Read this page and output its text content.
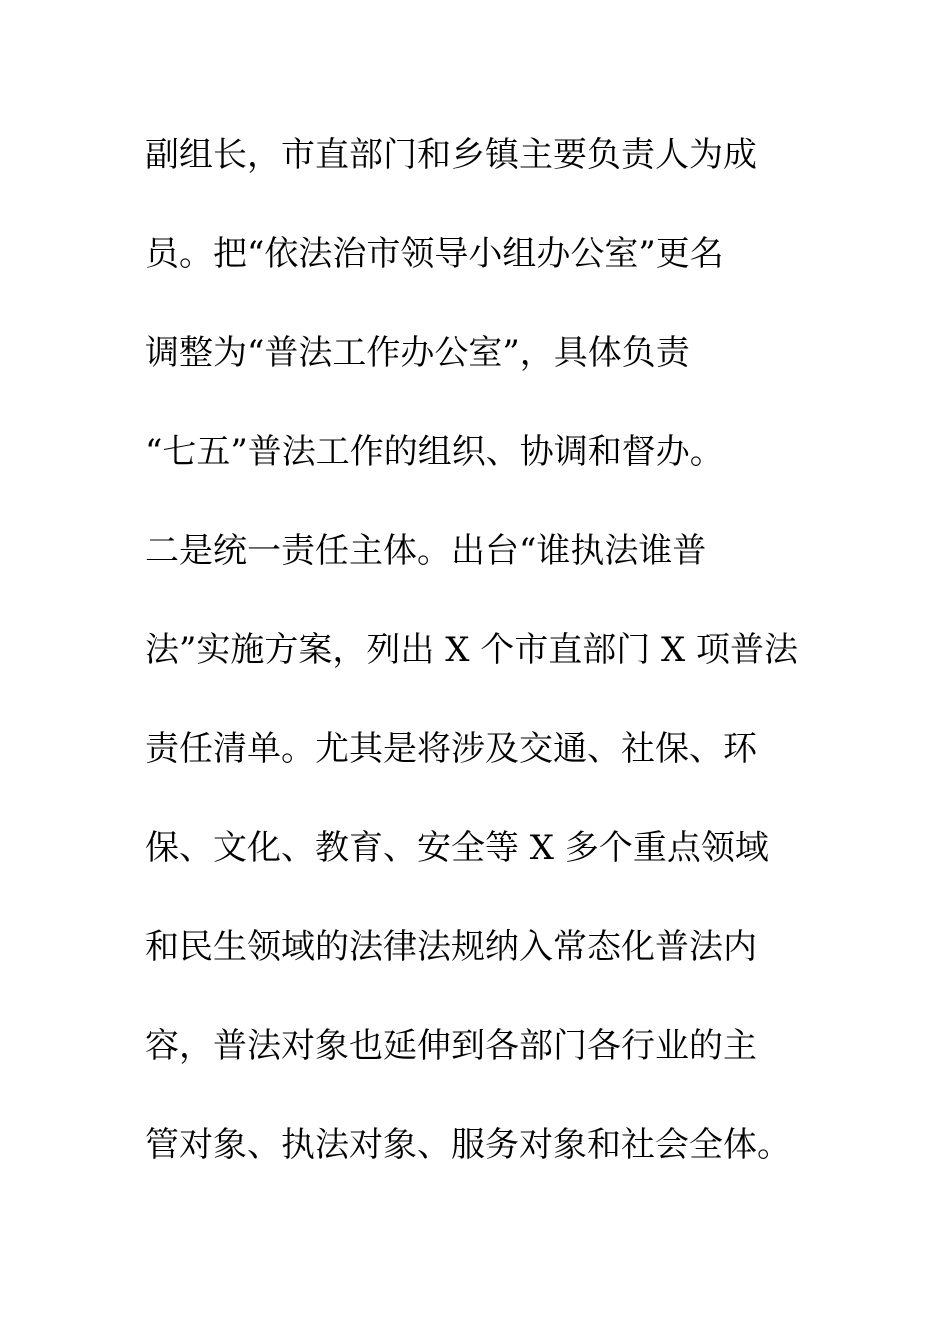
副组长，市直部门和乡镇主要负责人为成
员。把“依法治市领导小组办公室”更名
调整为“普法工作办公室”，具体负责
“七五”普法工作的组织、协调和督办。
二是统一责任主体。出台“谁执法谁普
法”实施方案，列出 X 个市直部门 X 项普法
责任清单。尤其是将涉及交通、社保、环
保、文化、教育、安全等 X 多个重点领域
和民生领域的法律法规纳入常态化普法内
容，普法对象也延伸到各部门各行业的主
管对象、执法对象、服务对象和社会全体。
